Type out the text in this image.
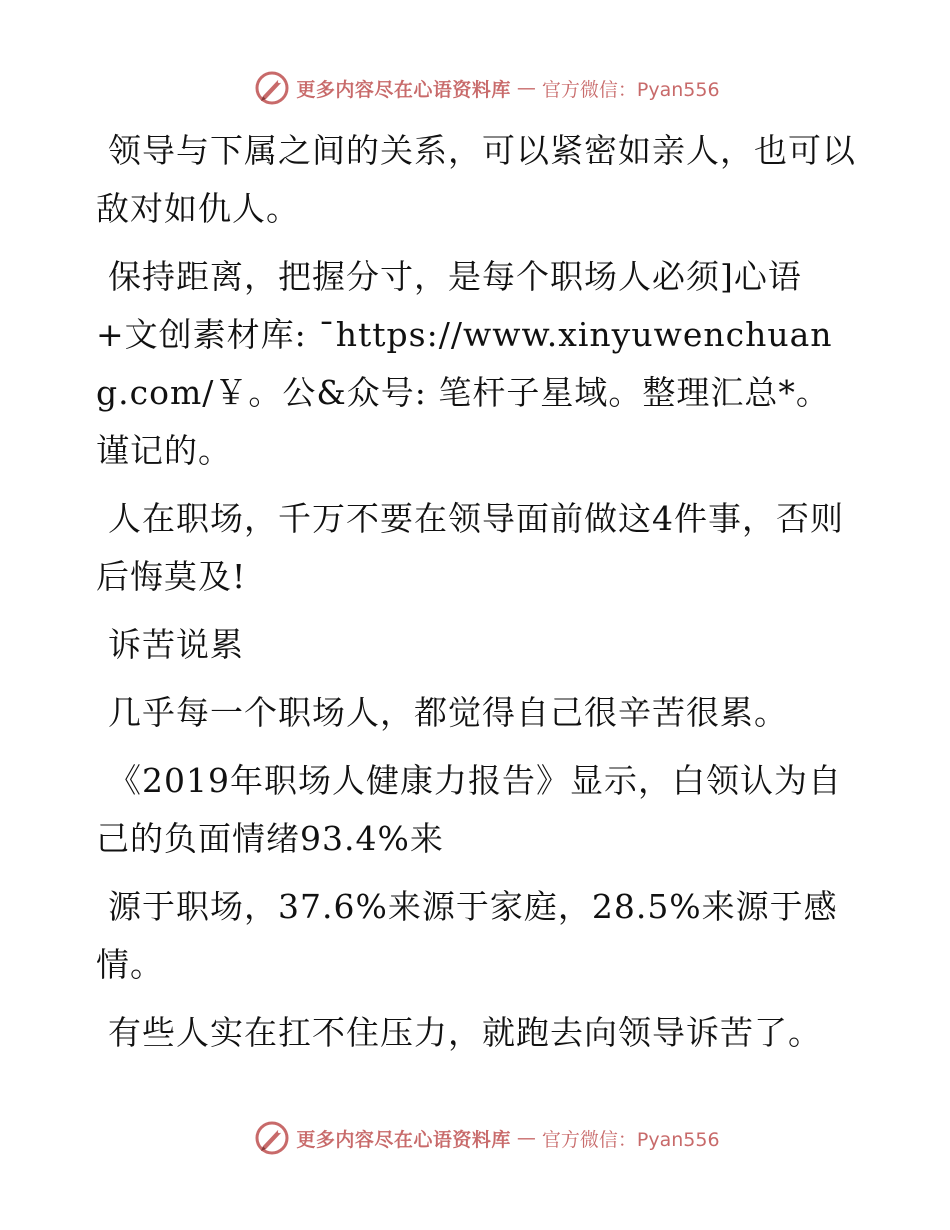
更多内容尽在心语资料库 — 官方微信：Pyan556

领导与下属之间的关系，可以紧密如亲人，也可以敌对如仇人。

保持距离，把握分寸，是每个职场人必须]心语+文创素材库: ¯https://www.xinyuwenchuang.com/￥。公&众号: 笔杆子星域。整理汇总*。谨记的。

人在职场，千万不要在领导面前做这4件事，否则后悔莫及!

诉苦说累

几乎每一个职场人，都觉得自己很辛苦很累。

《2019年职场人健康力报告》显示，白领认为自己的负面情绪93.4%来

源于职场，37.6%来源于家庭，28.5%来源于感情。

有些人实在扛不住压力，就跑去向领导诉苦了。

更多内容尽在心语资料库 — 官方微信：Pyan556
